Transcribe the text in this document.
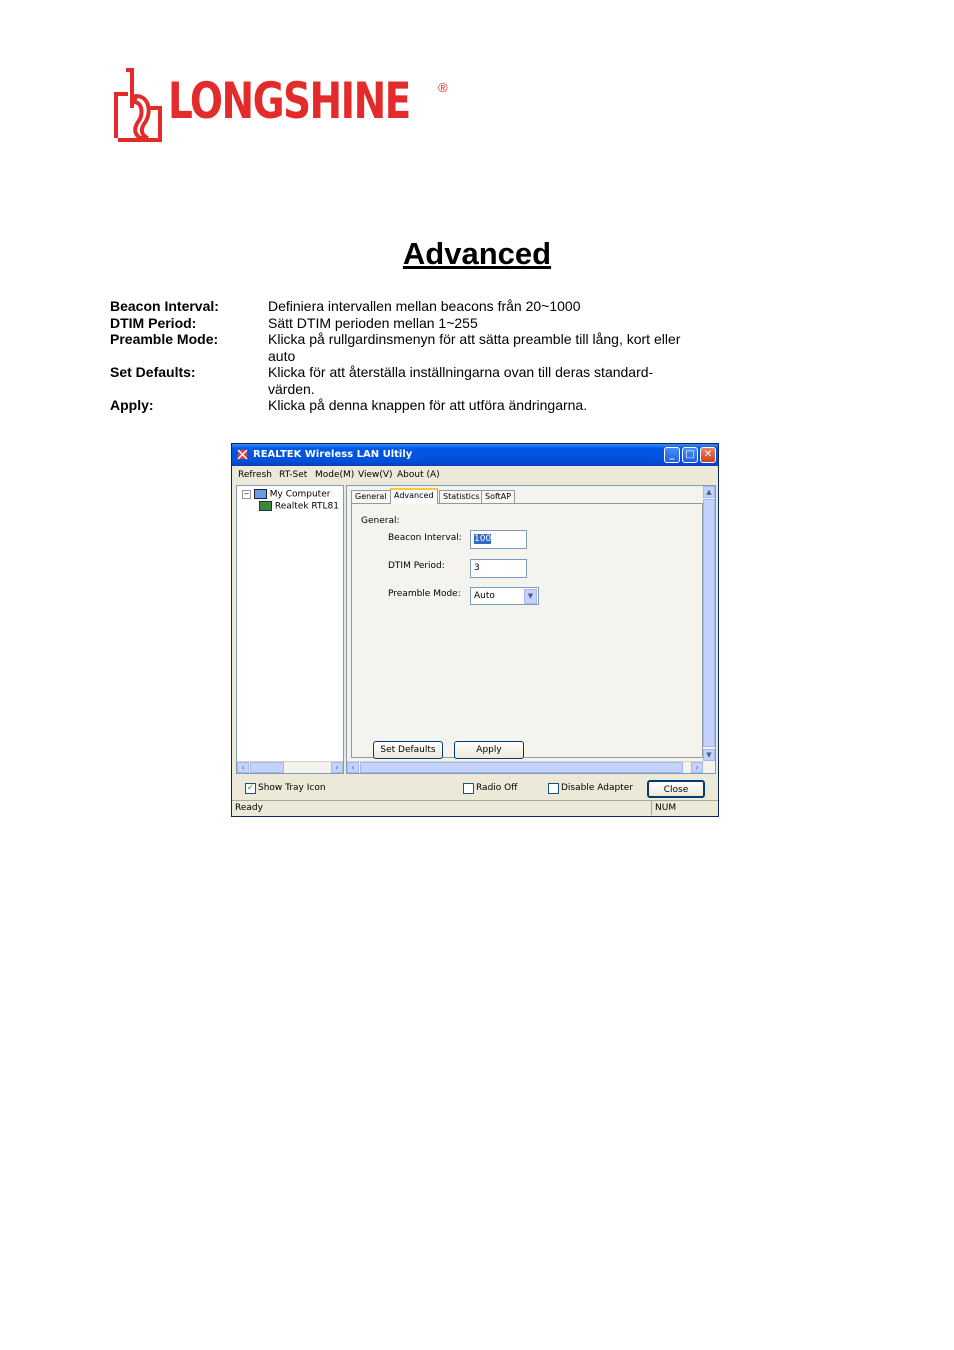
LONGSHINE ®
Advanced
Beacon Interval:	Definiera intervallen mellan beacons från 20~1000
DTIM Period:	Sätt DTIM perioden mellan 1~255
Preamble Mode:	Klicka på rullgardinsmenyn för att sätta preamble till lång, kort eller auto
Set Defaults:	Klicka för att återställa inställningarna ovan till deras standard-värden.
Apply:	Klicka på denna knappen för att utföra ändringarna.
REALTEK Wireless LAN Ultily	_	□ ✕
Refresh RT-Set Mode(M) View(V) About (A)
− My Computer
Realtek RTL81
‹	›
General Advanced	Statistics SoftAP
General:
Beacon Interval:	100
DTIM Period:	3
Preamble Mode:	Auto	▼
Set Defaults	Apply
▲
▼
‹	›
✓ Show Tray Icon	Radio Off	Disable Adapter	Close
Ready	NUM
